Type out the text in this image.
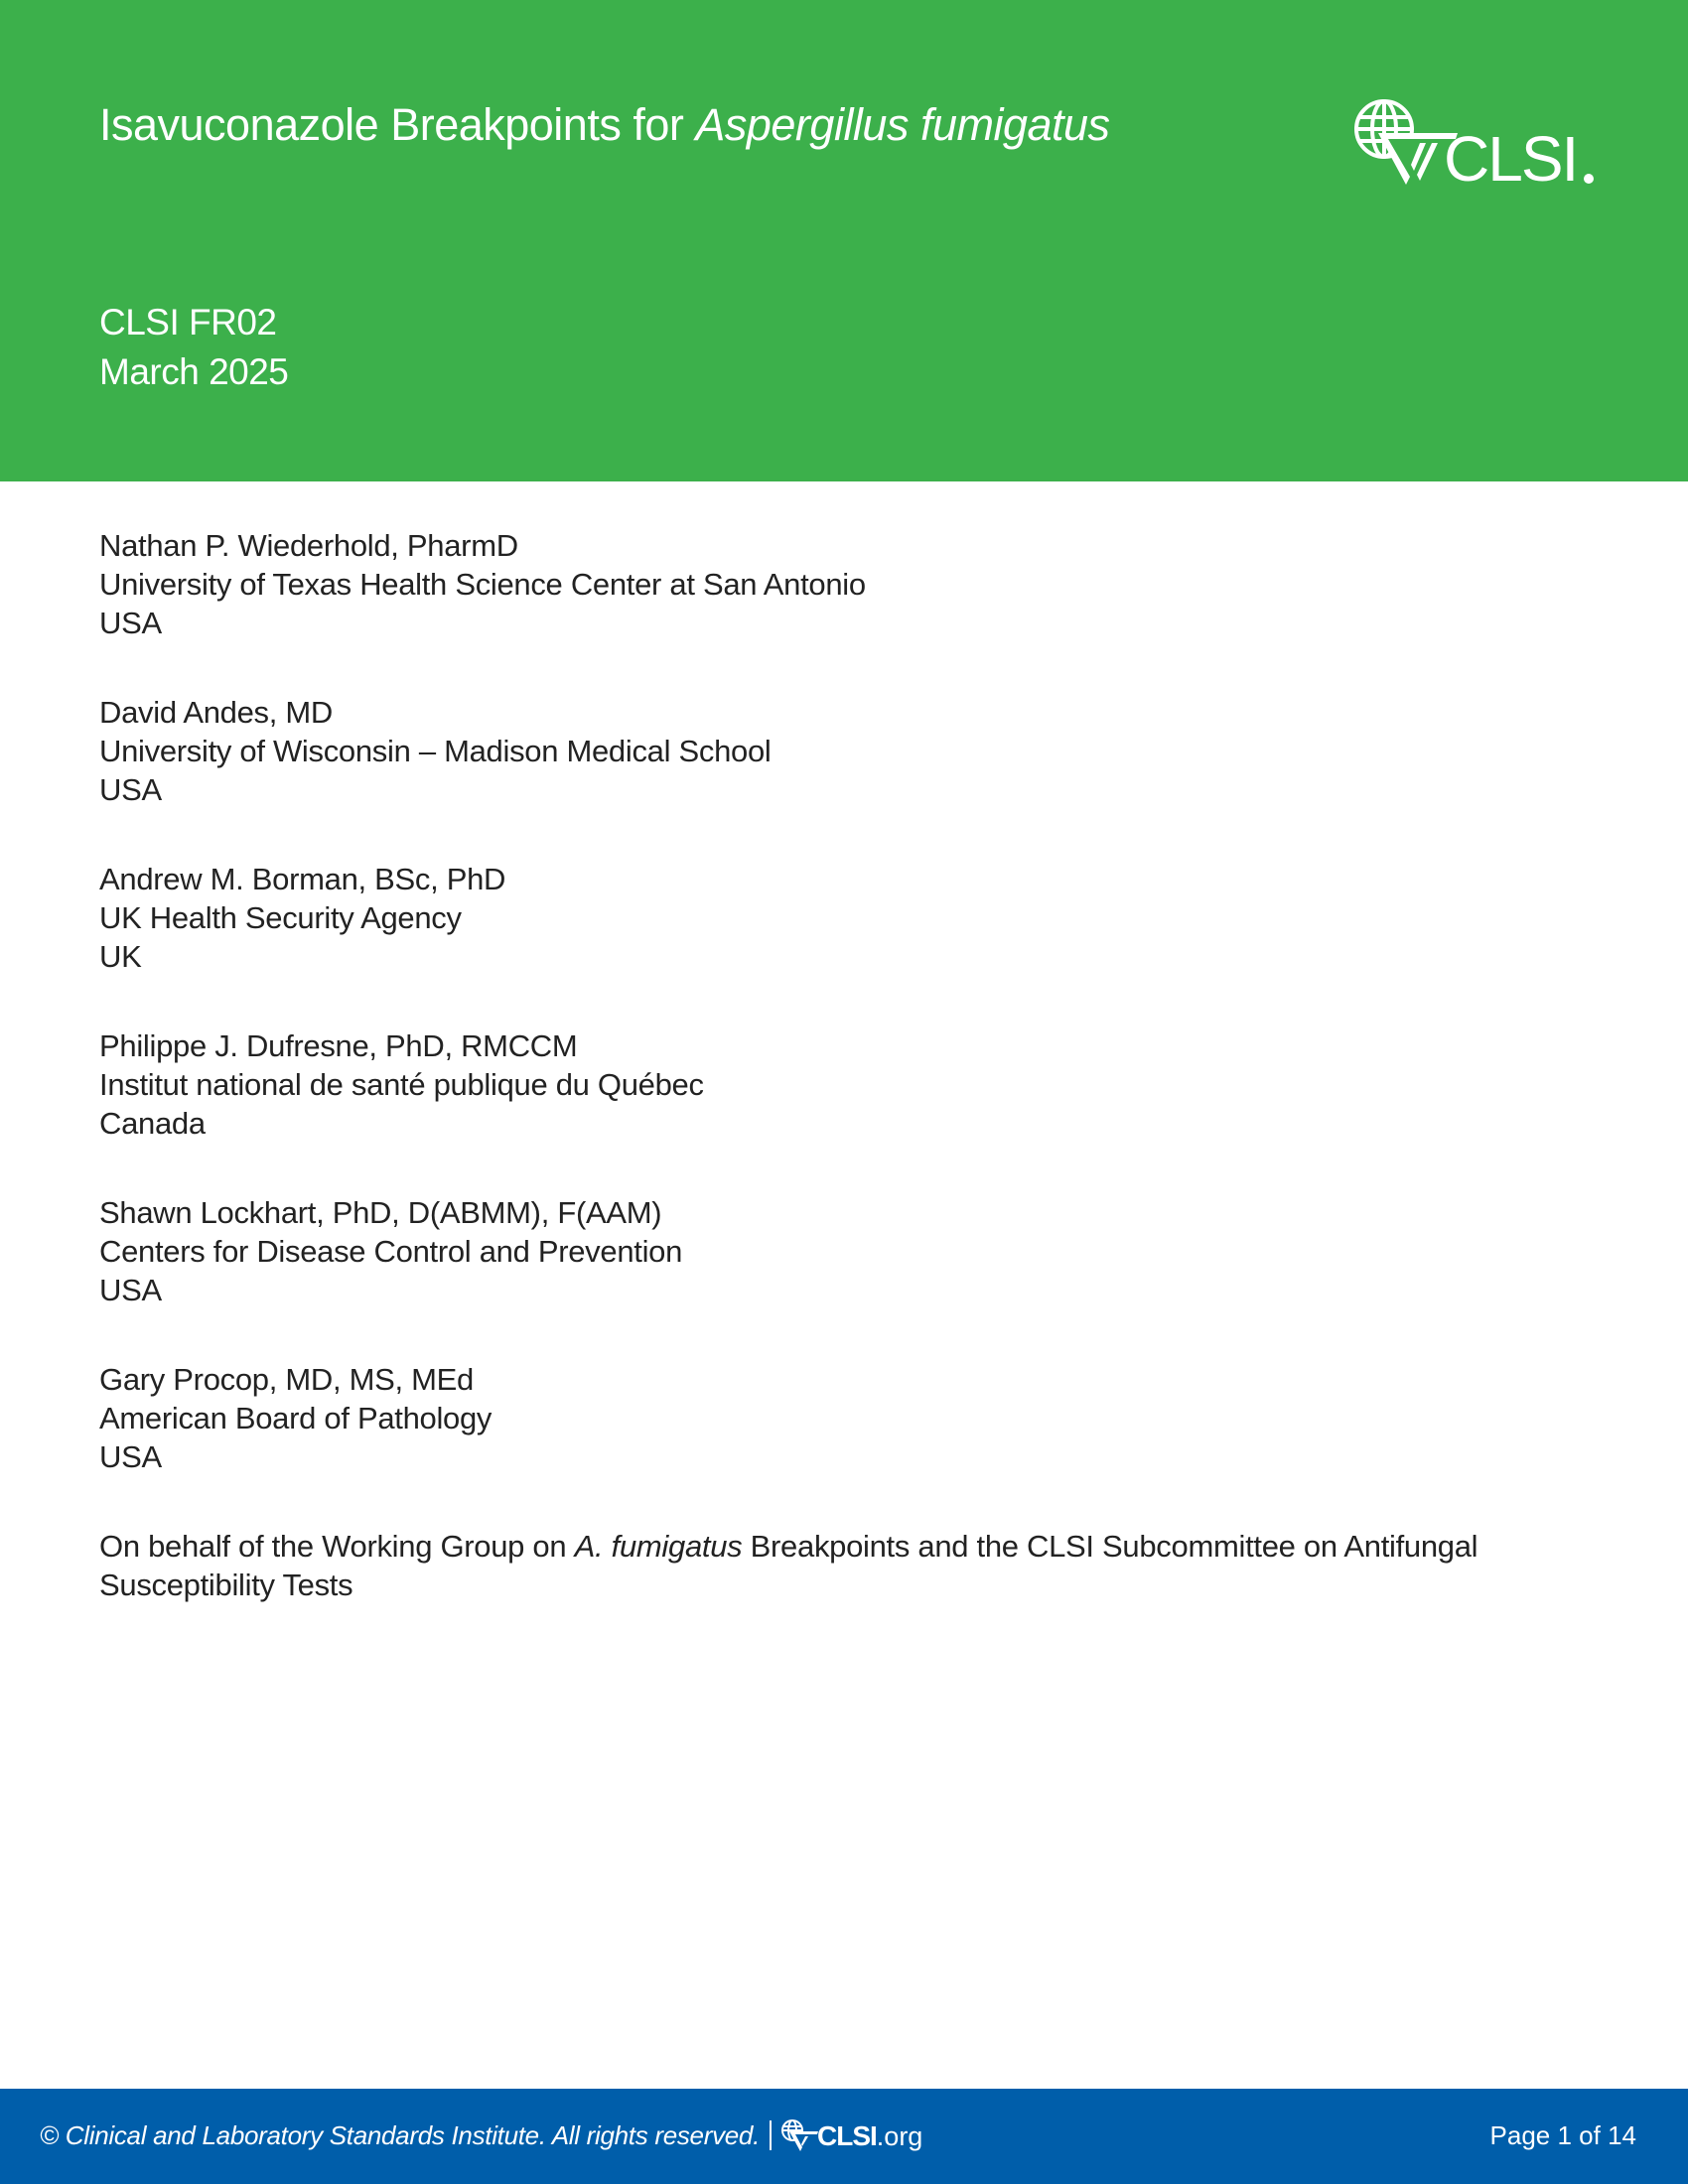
Isavuconazole Breakpoints for Aspergillus fumigatus	CLSI
CLSI FR02
March 2025
Nathan P. Wiederhold, PharmD
University of Texas Health Science Center at San Antonio
USA
David Andes, MD
University of Wisconsin – Madison Medical School
USA
Andrew M. Borman, BSc, PhD
UK Health Security Agency
UK
Philippe J. Dufresne, PhD, RMCCM
Institut national de santé publique du Québec
Canada
Shawn Lockhart, PhD, D(ABMM), F(AAM)
Centers for Disease Control and Prevention
USA
Gary Procop, MD, MS, MEd
American Board of Pathology
USA

On behalf of the Working Group on A. fumigatus Breakpoints and the CLSI Subcommittee on Antifungal Susceptibility Tests

© Clinical and Laboratory Standards Institute. All rights reserved. CLSI .org	Page 1 of 14
